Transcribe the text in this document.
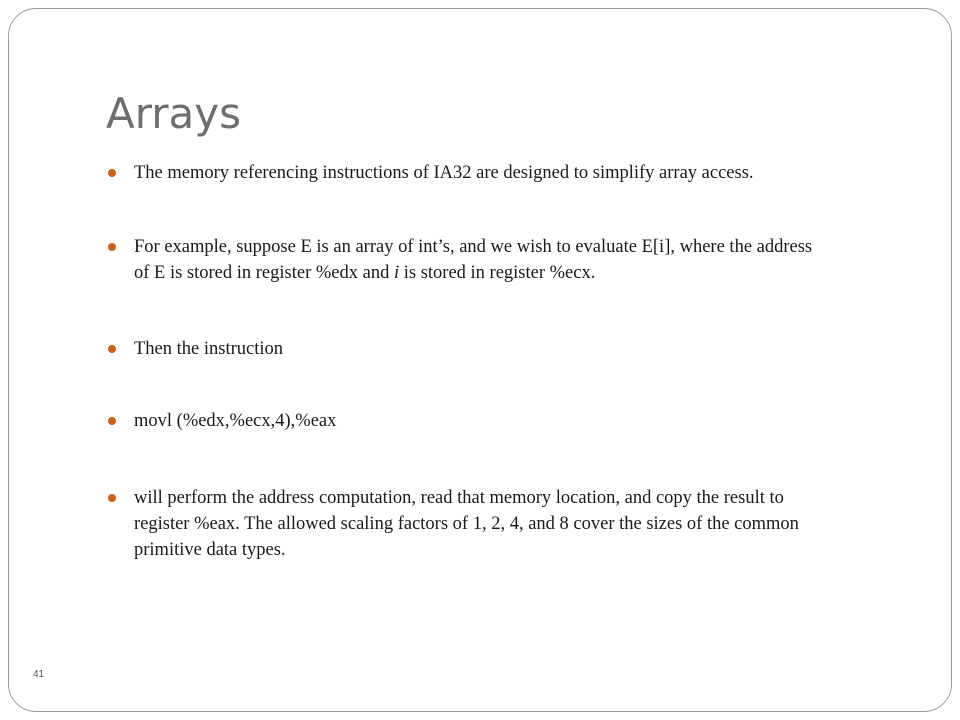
Arrays
The memory referencing instructions of IA32 are designed to simplify array access.
For example, suppose E is an array of int’s, and we wish to evaluate E[i], where the address of E is stored in register %edx and i is stored in register %ecx.
Then the instruction
movl (%edx,%ecx,4),%eax
will perform the address computation, read that memory location, and copy the result to register %eax. The allowed scaling factors of 1, 2, 4, and 8 cover the sizes of the common primitive data types.
41
